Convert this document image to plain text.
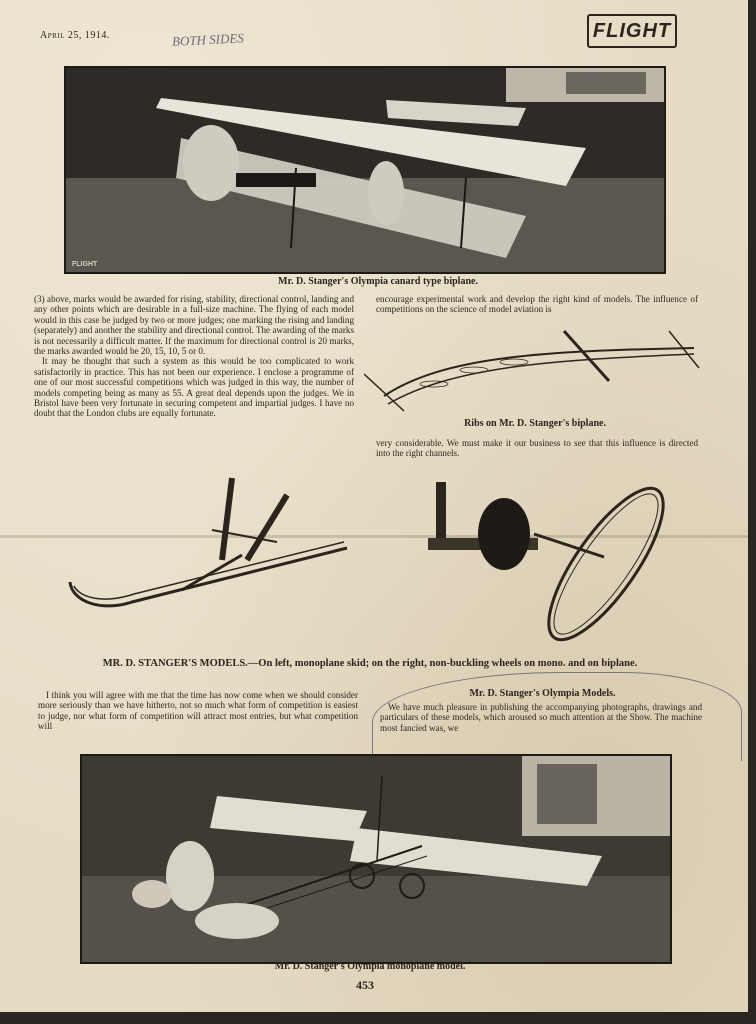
April 25, 1914.	BOTH SIDES	FLIGHT
FLIGHT
Mr. D. Stanger's Olympia canard type biplane.

(3) above, marks would be awarded for rising, stability, directional control, landing and any other points which are desirable in a full-size machine. The flying of each model would in this case be judged by two or more judges; one marking the rising and landing (separately) and another the stability and directional control. The awarding of the marks is not necessarily a difficult matter. If the maximum for directional control is 20 marks, the marks awarded would be 20, 15, 10, 5 or 0.

It may be thought that such a system as this would be too complicated to work satisfactorily in practice. This has not been our experience. I enclose a programme of one of our most successful competitions which was judged in this way, the number of models competing being as many as 55. A great deal depends upon the judges. We in Bristol have been very fortunate in securing competent and impartial judges. I have no doubt that the London clubs are equally fortunate.

encourage experimental work and develop the right kind of models. The influence of competitions on the science of model aviation is

Ribs on Mr. D. Stanger's biplane.

very considerable. We must make it our business to see that this influence is directed into the right channels.

MR. D. STANGER'S MODELS.—On left, monoplane skid; on the right, non-buckling wheels on mono. and on biplane.

I think you will agree with me that the time has now come when we should consider more seriously than we have hitherto, not so much what form of competition is easiest to judge, nor what form of competition will attract most entries, but what competition will

Mr. D. Stanger's Olympia Models.

We have much pleasure in publishing the accompanying photographs, drawings and particulars of these models, which aroused so much attention at the Show. The machine most fancied was, we

Mr. D. Stanger's Olympia monoplane model.
453
